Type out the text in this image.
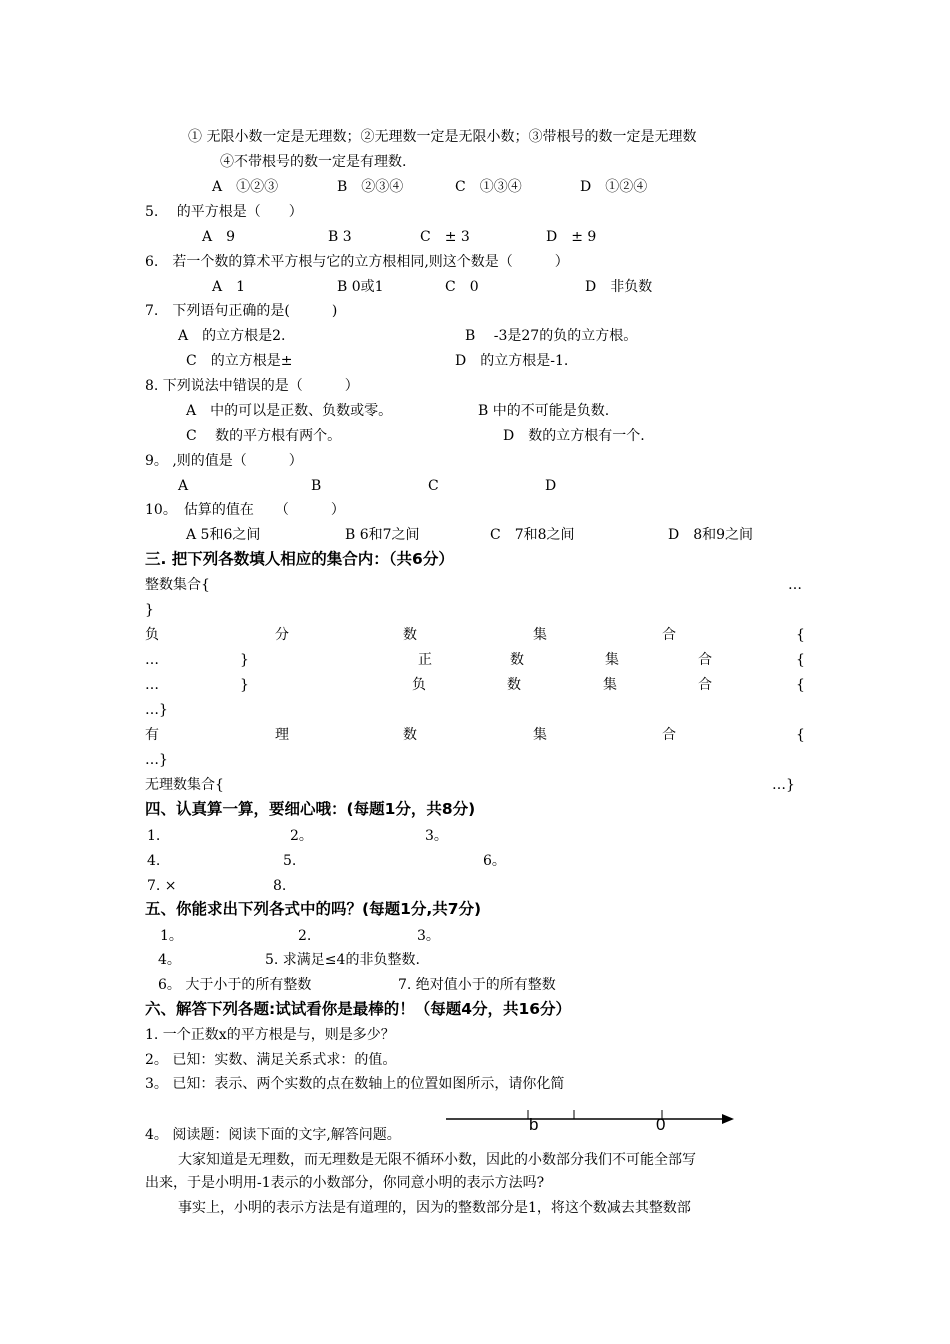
① 无限小数一定是无理数；②无理数一定是无限小数；③带根号的数一定是无理数
④不带根号的数一定是有理数.
A　①②③	B　②③④	C　①③④	D　①②④
5.　 的平方根是（　　）
A　9	B 3	C　± 3	D　± 9
6.　若一个数的算术平方根与它的立方根相同,则这个数是（　　　）
A　1	B 0或1	C　0	D　非负数
7.　下列语句正确的是(　　　)
A　的立方根是2.	B　 -3是27的负的立方根。
C　的立方根是±	D　的立方根是-1.
8. 下列说法中错误的是（　　　）
A　中的可以是正数、负数或零。	B 中的不可能是负数.
C　 数的平方根有两个。	D　数的立方根有一个.
9。 ,则的值是（　　　）
A	B	C	D
10。　估算的值在　　（　　　）
A 5和6之间	B 6和7之间	C　7和8之间	D　8和9之间
三. 把下列各数填人相应的集合内：（共6分）
整数集合{	…
}
负	分	数	集	合	{
…	}	正	数	集	合	{
…	}	负	数	集	合	{
…}
有	理	数	集	合	{
…}
无理数集合{	…}
四、认真算一算，要细心哦：(每题1分，共8分)
1.	2。	3。
4.	5.	6。
7. ×	8.
五、你能求出下列各式中的吗？(每题1分,共7分)
1。	2.	3。
4。	5. 求满足≤4的非负整数.
6。 大于小于的所有整数	7. 绝对值小于的所有整数
六、解答下列各题:试试看你是最棒的！（每题4分，共16分）
1. 一个正数x的平方根是与，则是多少？
2。 已知：实数、满足关系式求：的值。
3。 已知：表示、两个实数的点在数轴上的位置如图所示，请你化简
b	0
4。 阅读题：阅读下面的文字,解答问题。
大家知道是无理数，而无理数是无限不循环小数，因此的小数部分我们不可能全部写
出来，于是小明用-1表示的小数部分，你同意小明的表示方法吗?
事实上，小明的表示方法是有道理的，因为的整数部分是1，将这个数减去其整数部
